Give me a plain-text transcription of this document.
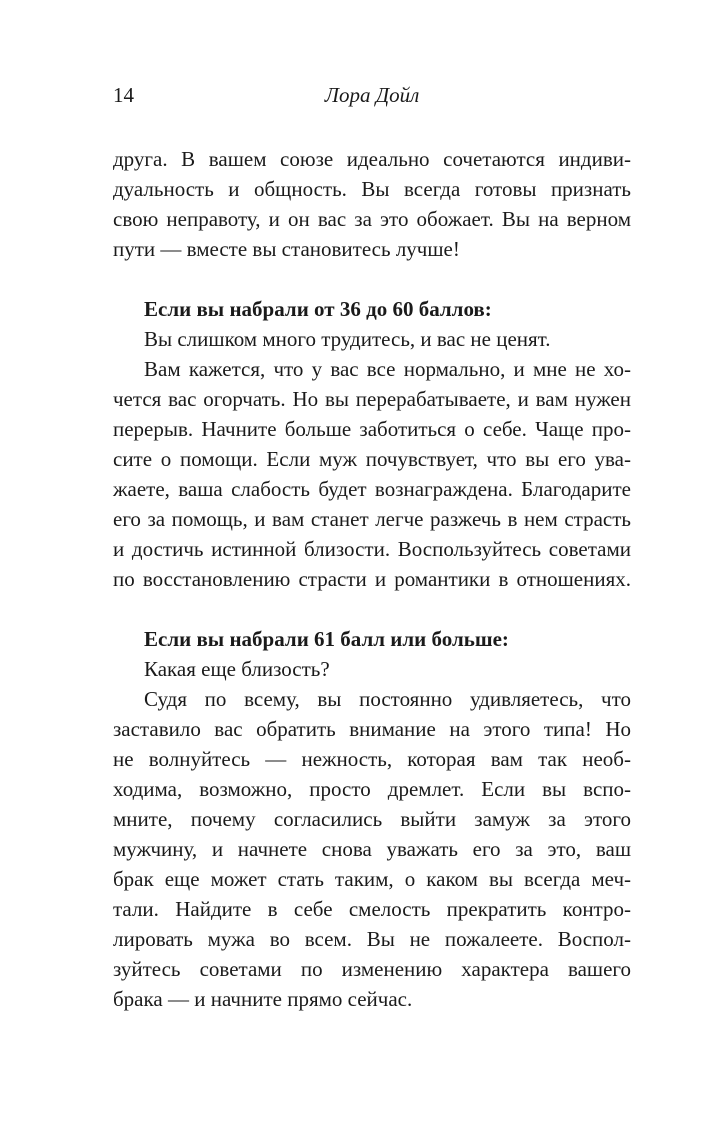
14	Лора Дойл

друга. В вашем союзе идеально сочетаются индиви-

дуальность и общность. Вы всегда готовы признать

свою неправоту, и он вас за это обожает. Вы на верном

пути — вместе вы становитесь лучше!

Если вы набрали от 36 до 60 баллов:

Вы слишком много трудитесь, и вас не ценят.

Вам кажется, что у вас все нормально, и мне не хо-

чется вас огорчать. Но вы перерабатываете, и вам нужен

перерыв. Начните больше заботиться о себе. Чаще про-

сите о помощи. Если муж почувствует, что вы его ува-

жаете, ваша слабость будет вознаграждена. Благодарите

его за помощь, и вам станет легче разжечь в нем страсть

и достичь истинной близости. Воспользуйтесь советами

по восстановлению страсти и романтики в отношениях.

Если вы набрали 61 балл или больше:

Какая еще близость?

Судя по всему, вы постоянно удивляетесь, что

заставило вас обратить внимание на этого типа! Но

не волнуйтесь — нежность, которая вам так необ-

ходима, возможно, просто дремлет. Если вы вспо-

мните, почему согласились выйти замуж за этого

мужчину, и начнете снова уважать его за это, ваш

брак еще может стать таким, о каком вы всегда меч-

тали. Найдите в себе смелость прекратить контро-

лировать мужа во всем. Вы не пожалеете. Воспол-

зуйтесь советами по изменению характера вашего

брака — и начните прямо сейчас.
